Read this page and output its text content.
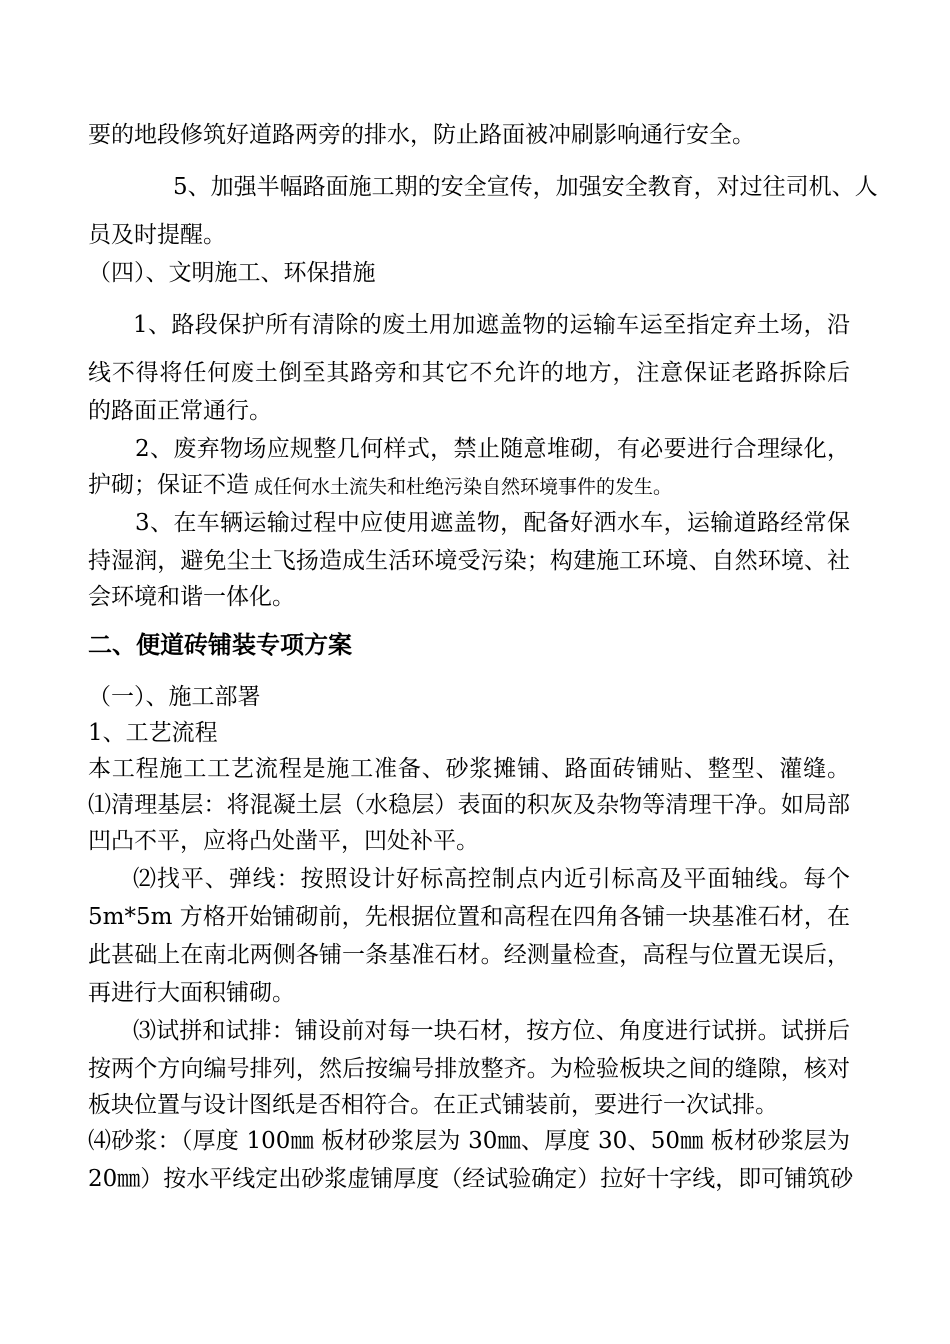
要的地段修筑好道路两旁的排水，防止路面被冲刷影响通行安全。
5、加强半幅路面施工期的安全宣传，加强安全教育，对过往司机、人
员及时提醒。
（四）、文明施工、环保措施
1、路段保护所有清除的废土用加遮盖物的运输车运至指定弃土场，沿
线不得将任何废土倒至其路旁和其它不允许的地方，注意保证老路拆除后
的路面正常通行。
2、废弃物场应规整几何样式，禁止随意堆砌，有必要进行合理绿化，
护砌；保证不造 成任何水土流失和杜绝污染自然环境事件的发生。
3、在车辆运输过程中应使用遮盖物，配备好洒水车，运输道路经常保
持湿润，避免尘土飞扬造成生活环境受污染；构建施工环境、自然环境、社
会环境和谐一体化。
二、便道砖铺装专项方案
（一）、施工部署
1、工艺流程
本工程施工工艺流程是施工准备、砂浆摊铺、路面砖铺贴、整型、灌缝。
⑴清理基层：将混凝土层（水稳层）表面的积灰及杂物等清理干净。如局部
凹凸不平，应将凸处凿平，凹处补平。
⑵找平、弹线：按照设计好标高控制点内近引标高及平面轴线。每个
5m*5m 方格开始铺砌前，先根据位置和高程在四角各铺一块基准石材，在
此甚础上在南北两侧各铺一条基准石材。经测量检查，高程与位置无误后，
再进行大面积铺砌。
⑶试拼和试排：铺设前对每一块石材，按方位、角度进行试拼。试拼后
按两个方向编号排列，然后按编号排放整齐。为检验板块之间的缝隙，核对
板块位置与设计图纸是否相符合。在正式铺装前，要进行一次试排。
⑷砂浆：（厚度 100㎜ 板材砂浆层为 30㎜、厚度 30、50㎜ 板材砂浆层为
20㎜）按水平线定出砂浆虚铺厚度（经试验确定）拉好十字线，即可铺筑砂
